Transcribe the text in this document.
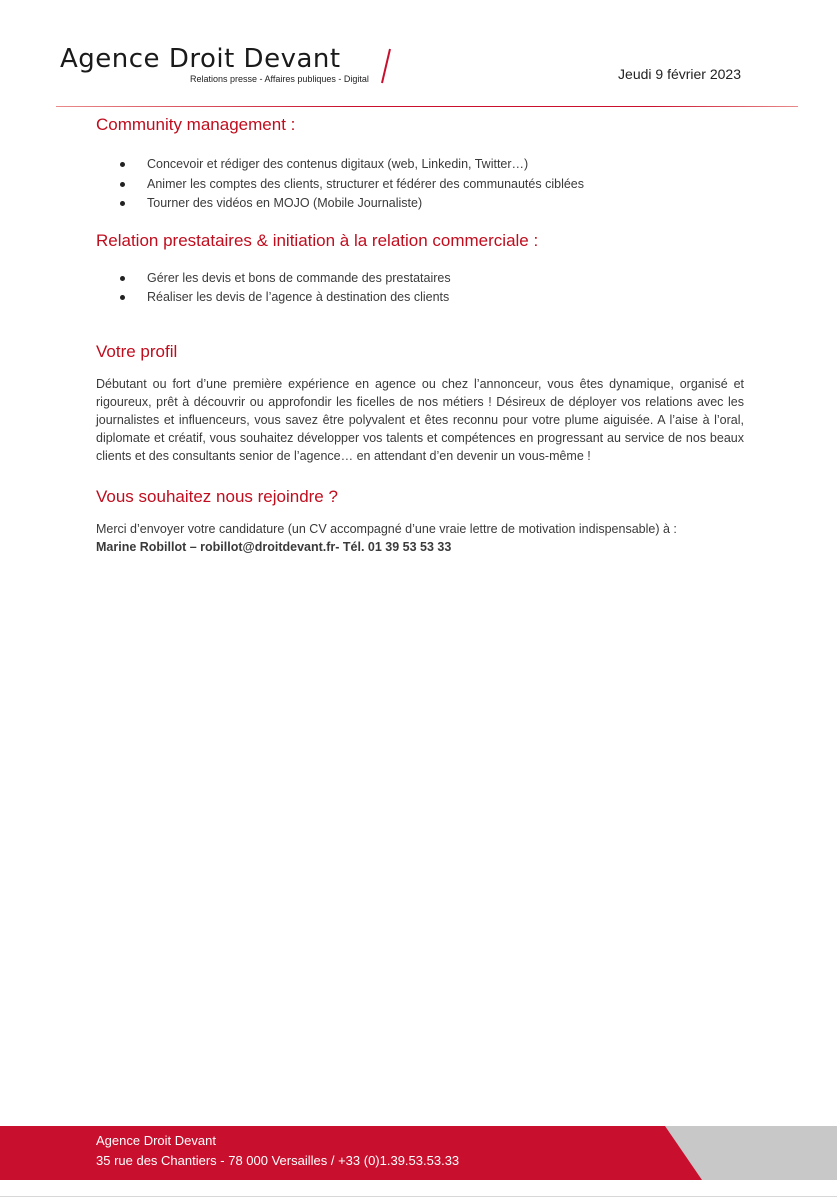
Agence Droit Devant
Relations presse - Affaires publiques - Digital	Jeudi 9 février 2023
Community management :
Concevoir et rédiger des contenus digitaux (web, Linkedin, Twitter…)
Animer les comptes des clients, structurer et fédérer des communautés ciblées
Tourner des vidéos en MOJO (Mobile Journaliste)
Relation prestataires & initiation à la relation commerciale :
Gérer les devis et bons de commande des prestataires
Réaliser les devis de l’agence à destination des clients
Votre profil

Débutant ou fort d’une première expérience en agence ou chez l’annonceur, vous êtes dynamique, organisé et rigoureux, prêt à découvrir ou approfondir les ficelles de nos métiers ! Désireux de déployer vos relations avec les journalistes et influenceurs, vous savez être polyvalent et êtes reconnu pour votre plume aiguisée. A l’aise à l’oral, diplomate et créatif, vous souhaitez développer vos talents et compétences en progressant au service de nos beaux clients et des consultants senior de l’agence… en attendant d’en devenir un vous-même !

Vous souhaitez nous rejoindre ?

Merci d’envoyer votre candidature (un CV accompagné d’une vraie lettre de motivation indispensable) à :

Marine Robillot – robillot@droitdevant.fr- Tél. 01 39 53 53 33

Agence Droit Devant
35 rue des Chantiers - 78 000 Versailles / +33 (0)1.39.53.53.33
